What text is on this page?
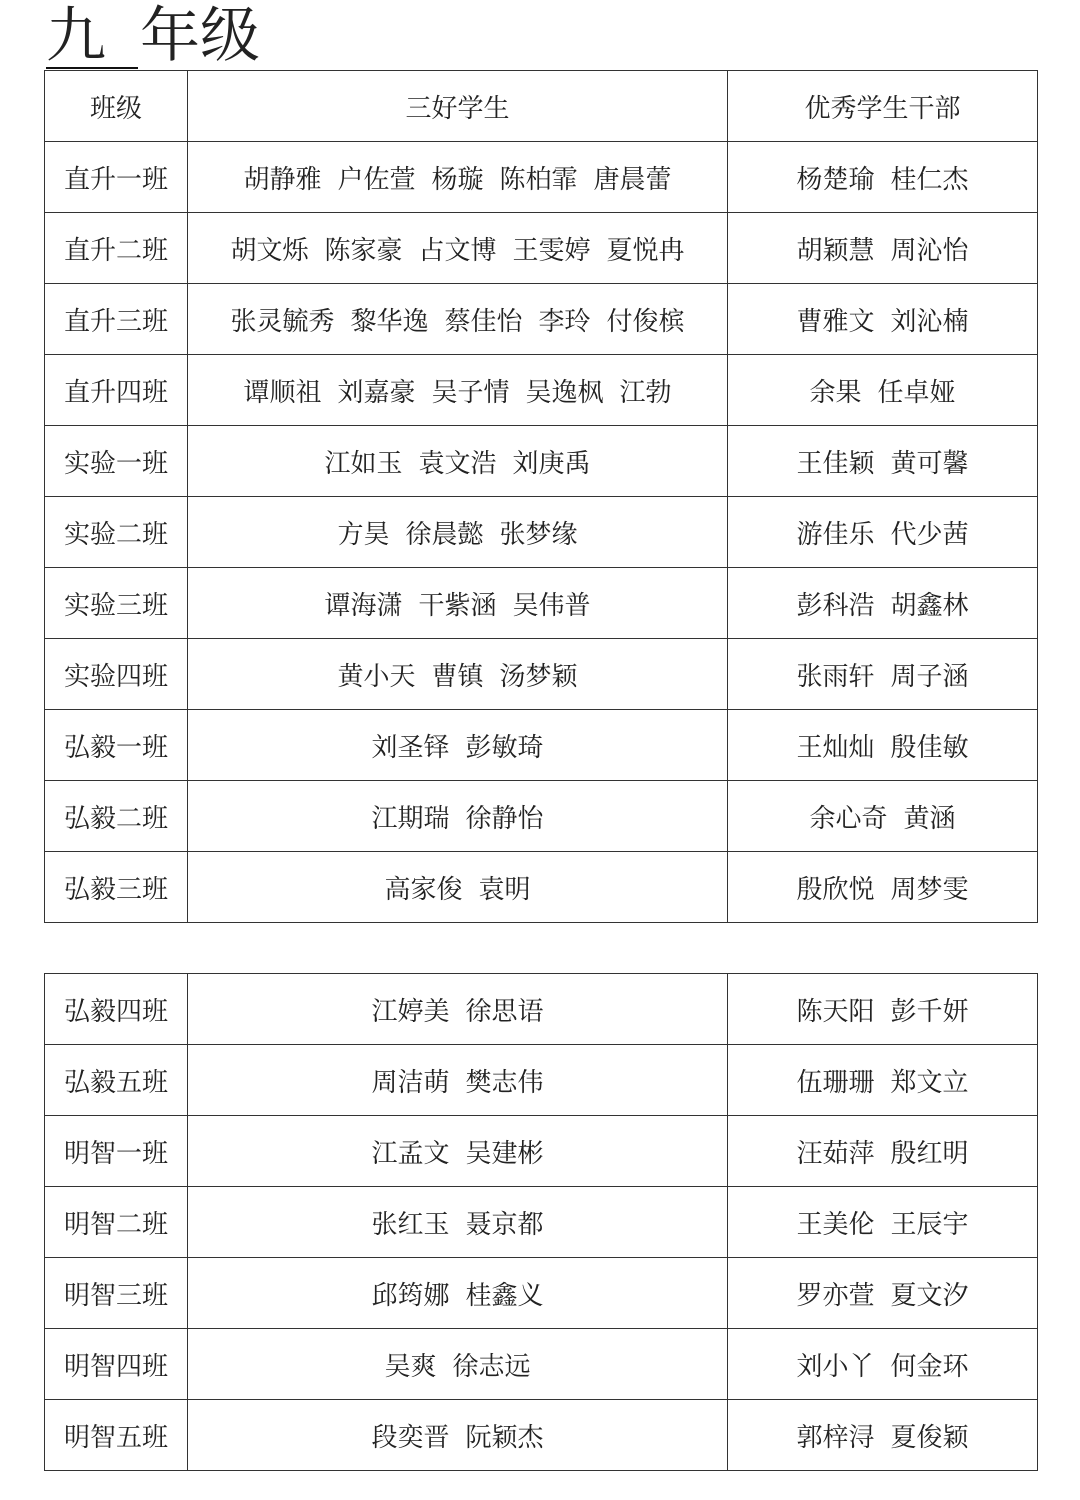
九 年级
班级	三好学生	优秀学生干部
直升一班	胡静雅 户佐萱 杨璇 陈柏霏 唐晨蕾	杨楚瑜 桂仁杰
直升二班	胡文烁 陈家豪 占文博 王雯婷 夏悦冉	胡颖慧 周沁怡
直升三班	张灵毓秀 黎华逸 蔡佳怡 李玲 付俊槟	曹雅文 刘沁楠
直升四班	谭顺祖 刘嘉豪 吴子情 吴逸枫 江勃	余果 任卓娅
实验一班	江如玉 袁文浩 刘庚禹	王佳颖 黄可馨
实验二班	方昊 徐晨懿 张梦缘	游佳乐 代少茜
实验三班	谭海潇 干紫涵 吴伟普	彭科浩 胡鑫林
实验四班	黄小天 曹镇 汤梦颖	张雨轩 周子涵
弘毅一班	刘圣铎 彭敏琦	王灿灿 殷佳敏
弘毅二班	江期瑞 徐静怡	余心奇 黄涵
弘毅三班	高家俊 袁明	殷欣悦 周梦雯
弘毅四班	江婷美 徐思语	陈天阳 彭千妍
弘毅五班	周洁萌 樊志伟	伍珊珊 郑文立
明智一班	江孟文 吴建彬	汪茹萍 殷红明
明智二班	张红玉 聂京都	王美伦 王辰宇
明智三班	邱筠娜 桂鑫义	罗亦萱 夏文汐
明智四班	吴爽 徐志远	刘小丫 何金环
明智五班	段奕晋 阮颖杰	郭梓浔 夏俊颖
